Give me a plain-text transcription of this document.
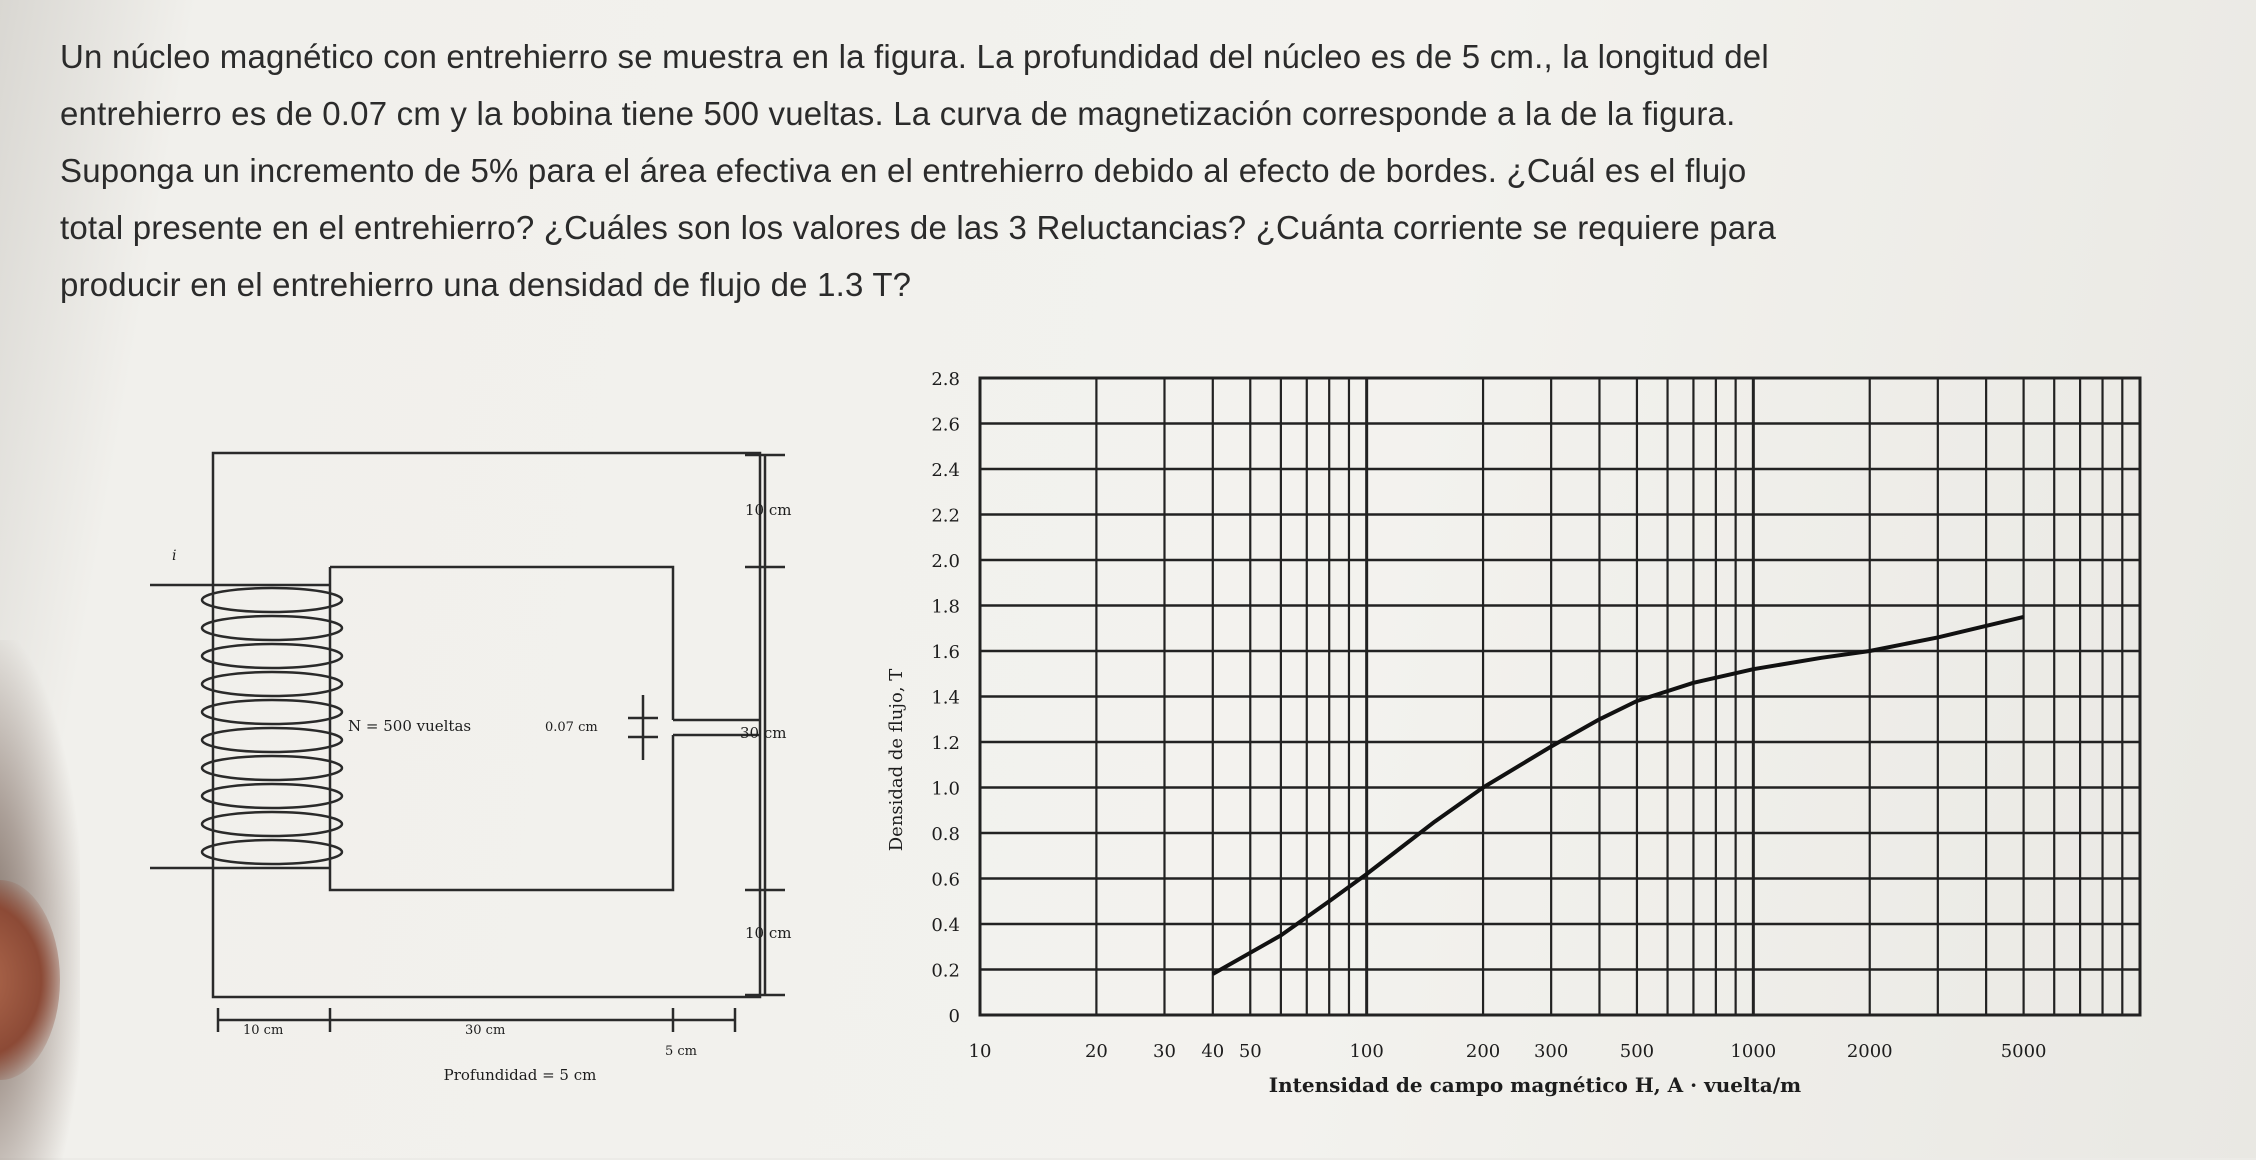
Un núcleo magnético con entrehierro se muestra en la figura. La profundidad del núcleo es de 5 cm., la longitud del
entrehierro es de 0.07 cm y la bobina tiene 500 vueltas. La curva de magnetización corresponde a la de la figura.
Suponga un incremento de 5% para el área efectiva en el entrehierro debido al efecto de bordes. ¿Cuál es el flujo
total presente en el entrehierro? ¿Cuáles son los valores de las 3 Reluctancias? ¿Cuánta corriente se requiere para
producir en el entrehierro una densidad de flujo de 1.3 T?
10 cm
10 cm
30 cm
N = 500 vueltas	0.07 cm
i
10 cm	30 cm
5 cm
Profundidad = 5 cm
0
0.2
0.4
0.6
0.8
1.0
1.2
1.4
1.6
1.8
2.0
2.2
2.4
2.6
2.8
10	20	30 40 50	100	200 300	500	1000	2000	5000
Densidad de flujo, T
Intensidad de campo magnético H, A · vuelta/m
